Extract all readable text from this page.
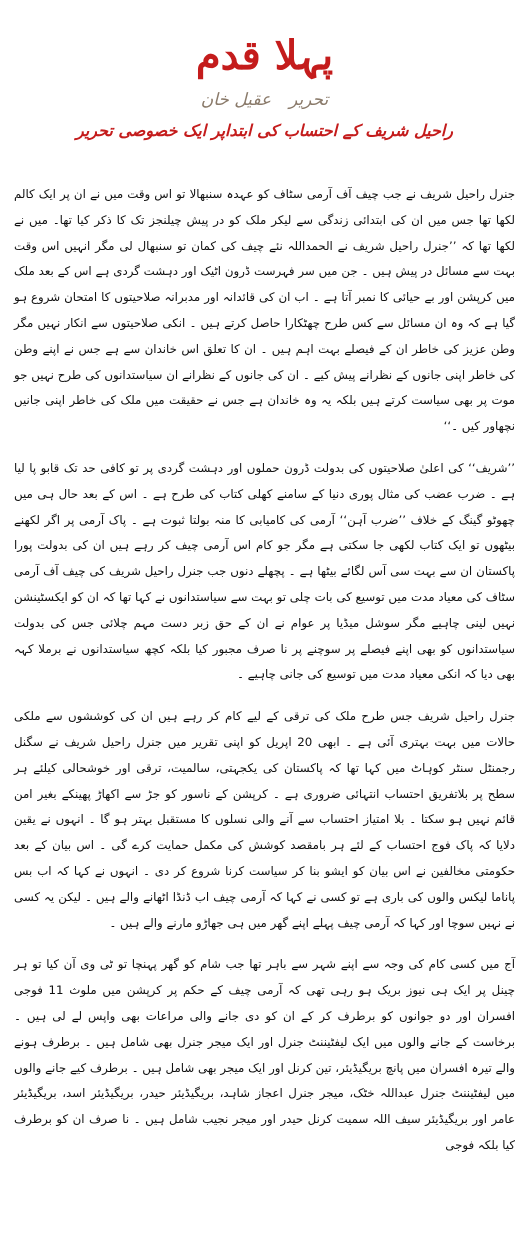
پہلا قدم
تحریرعقیل خان
راحیل شریف کے احتساب کی ابتداپر ایک خصوصی تحریر

جنرل راحیل شریف نے جب چیف آف آرمی سٹاف کو عہدہ سنبھالا تو اس وقت میں نے ان پر ایک کالم لکھا تھا جس میں ان کی ابتدائی زندگی سے لیکر ملک کو در پیش چیلنجز تک کا ذکر کیا تھا۔ میں نے لکھا تھا کہ ’’جنرل راحیل شریف نے الحمداللہ نئے چیف کی کمان تو سنبھال لی مگر انہیں اس وقت بہت سے مسائل در پیش ہیں ۔ جن میں سر فہرست ڈرون اٹیک اور دہشت گردی ہے اس کے بعد ملک میں کرپشن اور بے حیائی کا نمبر آتا ہے ۔ اب ان کی قائدانہ اور مدبرانہ صلاحیتوں کا امتحان شروع ہو گیا ہے کہ وہ ان مسائل سے کس طرح چھٹکارا حاصل کرتے ہیں ۔ انکی صلاحیتوں سے انکار نہیں مگر وطن عزیز کی خاطر ان کے فیصلے بہت اہم ہیں ۔ ان کا تعلق اس خاندان سے ہے جس نے اپنے وطن کی خاطر اپنی جانوں کے نظرانے پیش کیے ۔ ان کی جانوں کے نظرانے ان سیاستدانوں کی طرح نہیں جو موت پر بھی سیاست کرتے ہیں بلکہ یہ وہ خاندان ہے جس نے حقیقت میں ملک کی خاطر اپنی جانیں نچھاور کیں ۔‘‘

’’شریف‘‘ کی اعلیٰ صلاحیتوں کی بدولت ڈرون حملوں اور دہشت گردی پر تو کافی حد تک قابو پا لیا ہے ۔ ضرب عضب کی مثال پوری دنیا کے سامنے کھلی کتاب کی طرح ہے ۔ اس کے بعد حال ہی میں چھوٹو گینگ کے خلاف ’’ضرب آہن‘‘ آرمی کی کامیابی کا منہ بولتا ثبوت ہے ۔ پاک آرمی پر اگر لکھنے بیٹھوں تو ایک کتاب لکھی جا سکتی ہے مگر جو کام اس آرمی چیف کر رہے ہیں ان کی بدولت پورا پاکستان ان سے بہت سی آس لگائے بیٹھا ہے ۔ پچھلے دنوں جب جنرل راحیل شریف کی چیف آف آرمی سٹاف کی معیاد مدت میں توسیع کی بات چلی تو بہت سے سیاستدانوں نے کہا تھا کہ ان کو ایکسٹینشن نہیں لینی چاہیے مگر سوشل میڈیا پر عوام نے ان کے حق زبر دست مہم چلائی جس کی بدولت سیاستدانوں کو بھی اپنے فیصلے پر سوچنے پر نا صرف مجبور کیا بلکہ کچھ سیاستدانوں نے برملا کہہ بھی دیا کہ انکی معیاد مدت میں توسیع کی جانی چاہیے ۔

جنرل راحیل شریف جس طرح ملک کی ترقی کے لیے کام کر رہے ہیں ان کی کوششوں سے ملکی حالات میں بہت بہتری آئی ہے ۔ ابھی 20 اپریل کو اپنی تقریر میں جنرل راحیل شریف نے سگنل رجمنٹل سنٹر کوہاٹ میں کہا تھا کہ پاکستان کی یکجہتی، سالمیت، ترقی اور خوشحالی کیلئے ہر سطح پر بلاتفریق احتساب انتہائی ضروری ہے ۔ کرپشن کے ناسور کو جڑ سے اکھاڑ پھینکے بغیر امن قائم نہیں ہو سکتا ۔ بلا امتیاز احتساب سے آنے والی نسلوں کا مستقبل بہتر ہو گا ۔ انہوں نے یقین دلایا کہ پاک فوج احتساب کے لئے ہر بامقصد کوشش کی مکمل حمایت کرے گی ۔ اس بیان کے بعد حکومتی مخالفین نے اس بیان کو ایشو بنا کر سیاست کرنا شروع کر دی ۔ انہوں نے کہا کہ اب بس پاناما لیکس والوں کی باری ہے تو کسی نے کہا کہ آرمی چیف اب ڈنڈا اٹھانے والے ہیں ۔ لیکن یہ کسی نے نہیں سوچا اور کہا کہ آرمی چیف پہلے اپنے گھر میں ہی جھاڑو مارنے والے ہیں ۔

آج میں کسی کام کی وجہ سے اپنے شہر سے باہر تھا جب شام کو گھر پہنچا تو ٹی وی آن کیا تو ہر چینل پر ایک ہی نیوز بریک ہو رہی تھی کہ آرمی چیف کے حکم پر کرپشن میں ملوث 11 فوجی افسران اور دو جوانوں کو برطرف کر کے ان کو دی جانے والی مراعات بھی واپس لے لی ہیں ۔ برخاست کے جانے والوں میں ایک لیفٹیننٹ جنرل اور ایک میجر جنرل بھی شامل ہیں ۔ برطرف ہونے والے تیرہ افسران میں پانچ بریگیڈیئر، تین کرنل اور ایک میجر بھی شامل ہیں ۔ برطرف کیے جانے والوں میں لیفٹیننٹ جنرل عبداللہ خٹک، میجر جنرل اعجاز شاہد، بریگیڈیئر حیدر، بریگیڈیئر اسد، بریگیڈیئر عامر اور بریگیڈیئر سیف اللہ سمیت کرنل حیدر اور میجر نجیب شامل ہیں ۔ نا صرف ان کو برطرف کیا بلکہ فوجی
